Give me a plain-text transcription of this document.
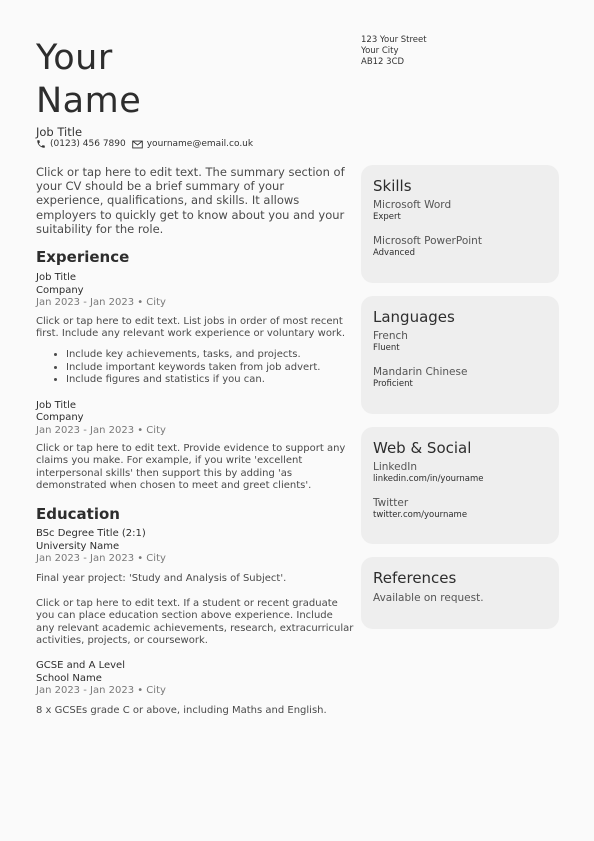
Your
Name
Job Title
(0123) 456 7890 yourname@email.co.uk
123 Your Street
Your City
AB12 3CD

Click or tap here to edit text. The summary section of your CV should be a brief summary of your experience, qualifications, and skills. It allows employers to quickly get to know about you and your suitability for the role.

Experience
Job Title
Company
Jan 2023 - Jan 2023 • City

Click or tap here to edit text. List jobs in order of most recent first. Include any relevant work experience or voluntary work.

• Include key achievements, tasks, and projects.
• Include important keywords taken from job advert.
• Include figures and statistics if you can.
Job Title
Company
Jan 2023 - Jan 2023 • City

Click or tap here to edit text. Provide evidence to support any claims you make. For example, if you write 'excellent interpersonal skills' then support this by adding 'as demonstrated when chosen to meet and greet clients'.

Education
BSc Degree Title (2:1)
University Name
Jan 2023 - Jan 2023 • City

Final year project: 'Study and Analysis of Subject'.

Click or tap here to edit text. If a student or recent graduate you can place education section above experience. Include any relevant academic achievements, research, extracurricular activities, projects, or coursework.

GCSE and A Level
School Name
Jan 2023 - Jan 2023 • City

8 x GCSEs grade C or above, including Maths and English.

Skills
Microsoft Word
Expert
Microsoft PowerPoint
Advanced
Languages
French
Fluent
Mandarin Chinese
Proficient
Web & Social
LinkedIn
linkedin.com/in/yourname
Twitter
twitter.com/yourname
References
Available on request.
